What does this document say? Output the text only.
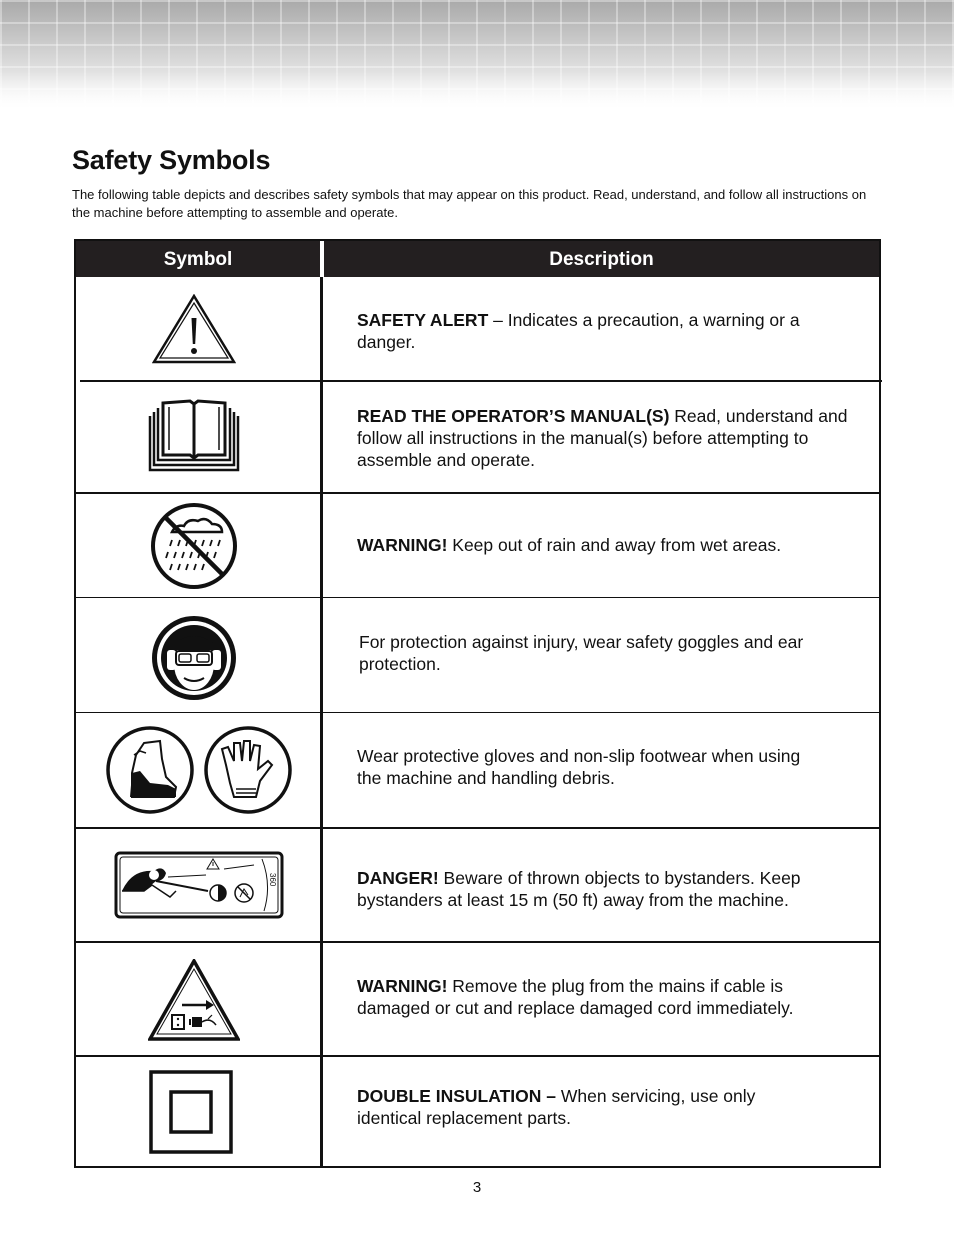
Safety Symbols

The following table depicts and describes safety symbols that may appear on this product. Read, understand, and follow all instructions on the machine before attempting to assemble and operate.

Symbol	Description
SAFETY ALERT – Indicates a precaution, a warning or a danger.
READ THE OPERATOR’S MANUAL(S) Read, understand and follow all instructions in the manual(s) before attempting to assemble and operate.
WARNING! Keep out of rain and away from wet areas.
For protection against injury, wear safety goggles and ear protection.
Wear protective gloves and non-slip footwear when using the machine and handling debris.
360	DANGER! Beware of thrown objects to bystanders. Keep bystanders at least 15 m (50 ft) away from the machine.
WARNING! Remove the plug from the mains if cable is damaged or cut and replace damaged cord immediately.
DOUBLE INSULATION – When servicing, use only identical replacement parts.
3
